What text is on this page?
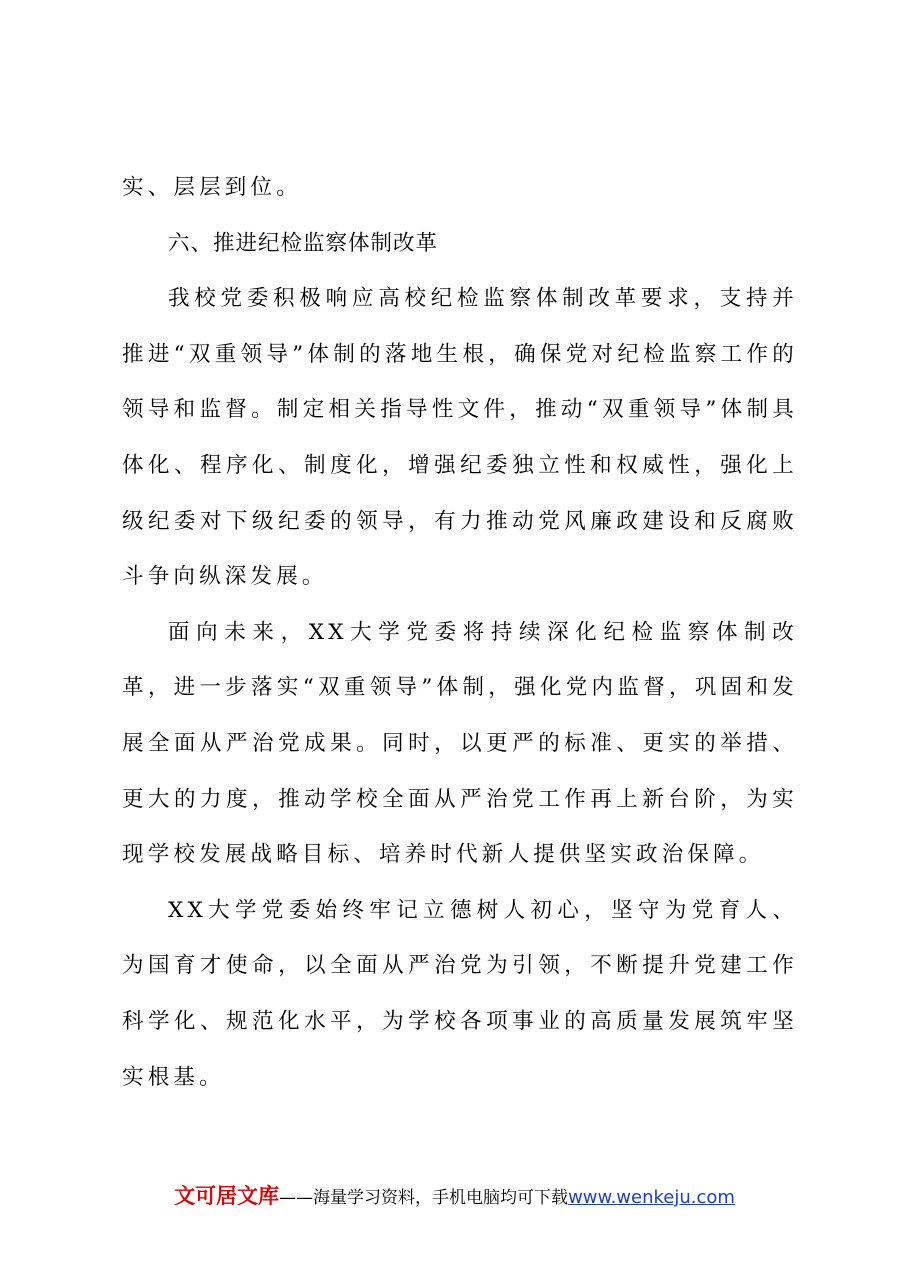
实、层层到位。

六、推进纪检监察体制改革

我校党委积极响应高校纪检监察体制改革要求，支持并推进“双重领导”体制的落地生根，确保党对纪检监察工作的领导和监督。制定相关指导性文件，推动“双重领导”体制具体化、程序化、制度化，增强纪委独立性和权威性，强化上级纪委对下级纪委的领导，有力推动党风廉政建设和反腐败斗争向纵深发展。

面向未来，XX大学党委将持续深化纪检监察体制改革，进一步落实“双重领导”体制，强化党内监督，巩固和发展全面从严治党成果。同时，以更严的标准、更实的举措、更大的力度，推动学校全面从严治党工作再上新台阶，为实现学校发展战略目标、培养时代新人提供坚实政治保障。

XX大学党委始终牢记立德树人初心，坚守为党育人、为国育才使命，以全面从严治党为引领，不断提升党建工作科学化、规范化水平，为学校各项事业的高质量发展筑牢坚实根基。

文可居文库——海量学习资料，手机电脑均可下载www.wenkeju.com
